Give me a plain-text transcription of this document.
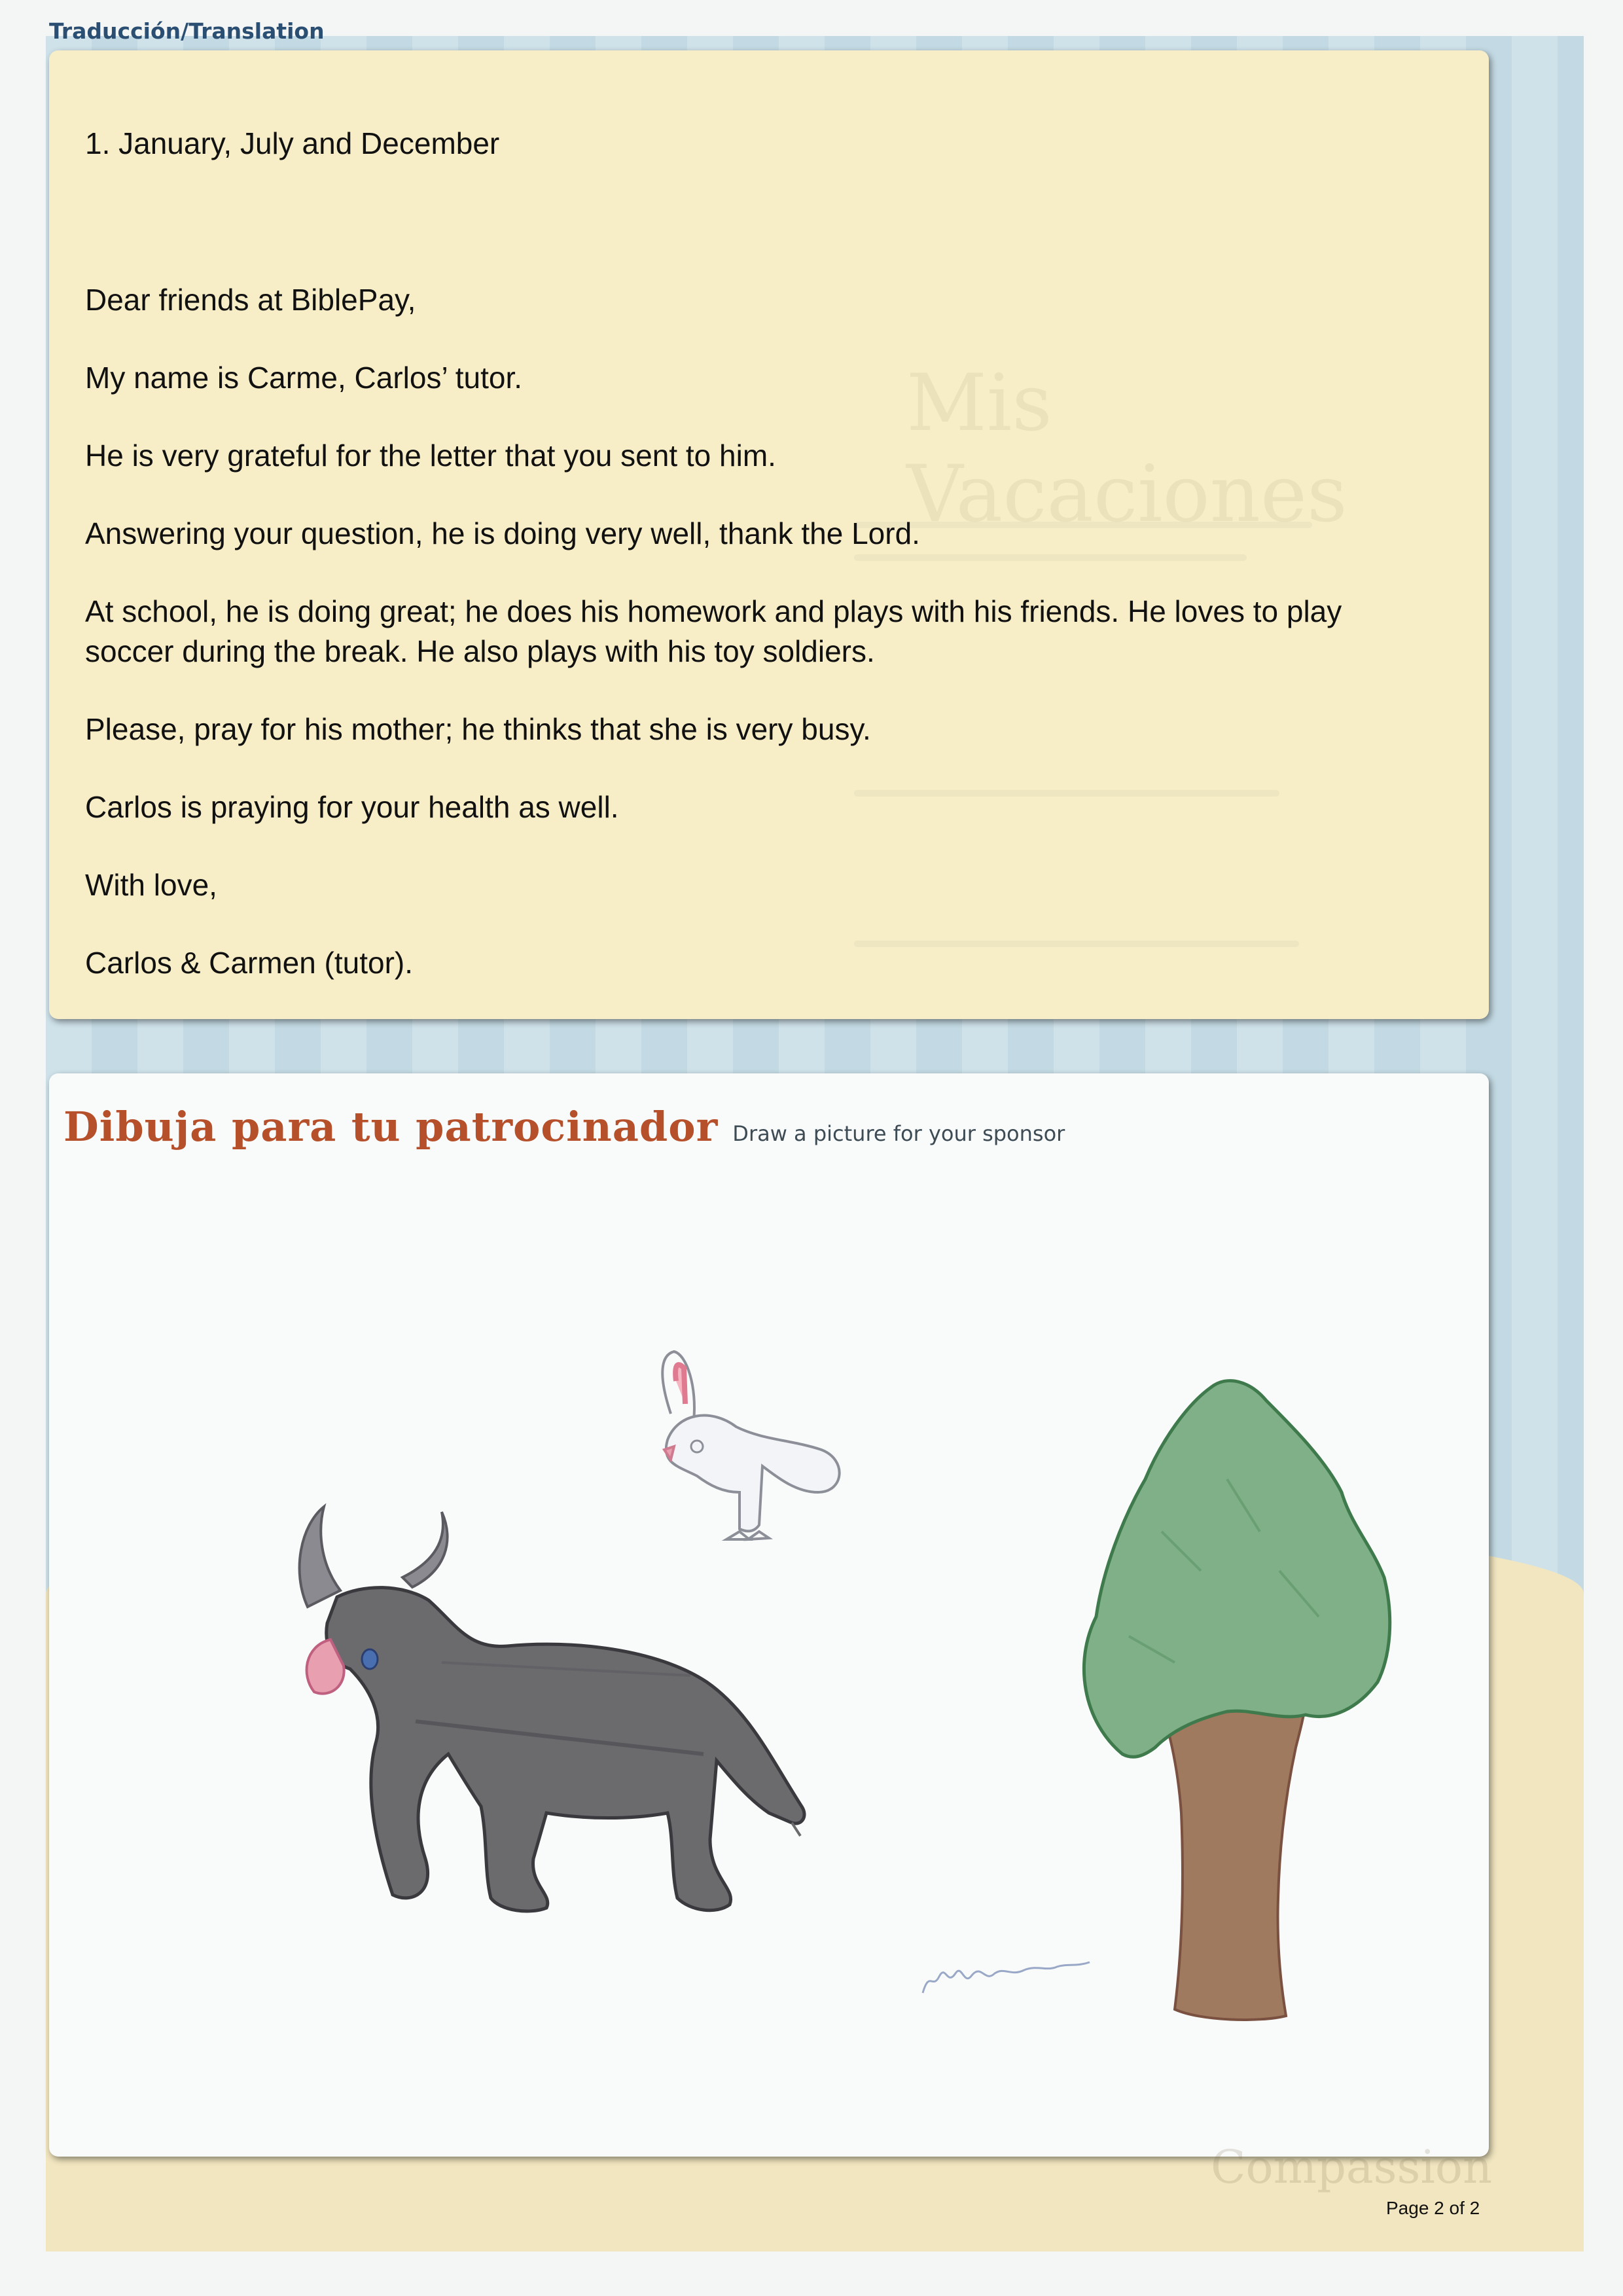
Traducción/Translation
Mis Vacaciones

1. January, July and December

Dear friends at BiblePay,

My name is Carme, Carlos’ tutor.

He is very grateful for the letter that you sent to him.

Answering your question, he is doing very well, thank the Lord.

At school, he is doing great; he does his homework and plays with his friends. He loves to play soccer during the break. He also plays with his toy soldiers.

Please, pray for his mother; he thinks that she is very busy.

Carlos is praying for your health as well.

With love,

Carlos & Carmen (tutor).

Dibuja para tu patrocinador Draw a picture for your sponsor
Compassion
Page 2 of 2
